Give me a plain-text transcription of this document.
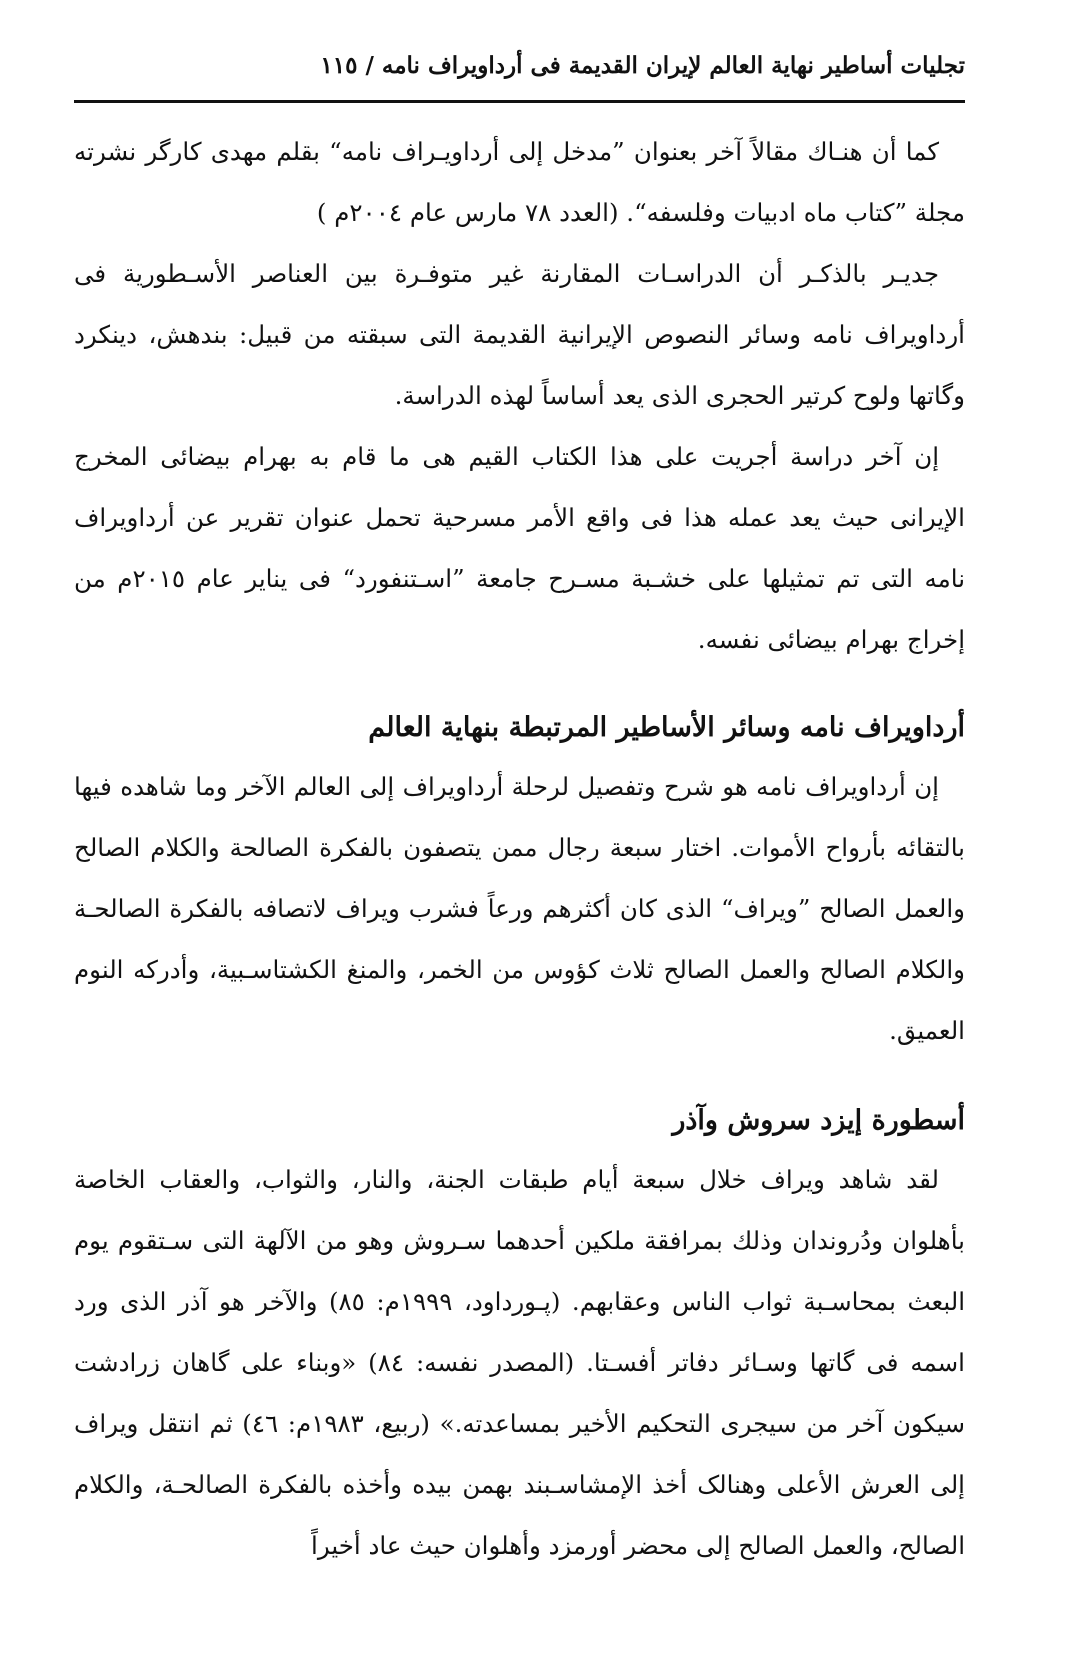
تجليات أساطير نهاية العالم لإيران القديمة فى أرداويراف نامه / ١١٥

كما أن هنـاك مقالاً آخر بعنوان ”مدخل إلى أرداويـراف نامه“ بقلم مهدى كارگر نشرته مجلة ”كتاب ماه ادبيات وفلسفه“. (العدد ٧٨ مارس عام ٢٠٠٤م )

جديـر بالذكـر أن الدراسـات المقارنة غير متوفـرة بين العناصر الأسـطورية فى أرداويراف نامه وسائر النصوص الإيرانية القديمة التى سبقته من قبيل: بندهش، دينكرد وگاتها ولوح كرتير الحجرى الذى يعد أساساً لهذه الدراسة.

إن آخر دراسة أجريت على هذا الكتاب القيم هى ما قام به بهرام بيضائى المخرج الإيرانى حيث يعد عمله هذا فى واقع الأمر مسرحية تحمل عنوان تقرير عن أرداويراف نامه التى تم تمثيلها على خشـبة مسـرح جامعة ”اسـتنفورد“ فى يناير عام ٢٠١٥م من إخراج بهرام بيضائى نفسه.

أرداويراف نامه وسائر الأساطير المرتبطة بنهاية العالم

إن أرداويراف نامه هو شرح وتفصيل لرحلة أرداويراف إلى العالم الآخر وما شاهده فيها بالتقائه بأرواح الأموات. اختار سبعة رجال ممن يتصفون بالفكرة الصالحة والكلام الصالح والعمل الصالح ”ويراف“ الذى كان أكثرهم ورعاً فشرب ويراف لاتصافه بالفكرة الصالحـة والكلام الصالح والعمل الصالح ثلاث كؤوس من الخمر، والمنغ الكشتاسـبية، وأدركه النوم العميق.

أسطورة إيزد سروش وآذر

لقد شاهد ويراف خلال سبعة أيام طبقات الجنة، والنار، والثواب، والعقاب الخاصة بأهلوان ودُروندان وذلك بمرافقة ملكين أحدهما سـروش وهو من الآلهة التى سـتقوم يوم البعث بمحاسـبة ثواب الناس وعقابهم. (پـورداود، ١٩٩٩م: ٨٥) والآخر هو آذر الذى ورد اسمه فى گاتها وسـائر دفاتر أفسـتا. (المصدر نفسه: ٨٤) «وبناء على گاهان زرادشت سيكون آخر من سيجرى التحكيم الأخير بمساعدته.» (ربيع، ١٩٨٣م: ٤٦) ثم انتقل ويراف إلى العرش الأعلى وهنالک أخذ الإمشاسـبند بهمن بيده وأخذه بالفكرة الصالحـة، والكلام الصالح، والعمل الصالح إلى محضر أورمزد وأهلوان حيث عاد أخيراً
